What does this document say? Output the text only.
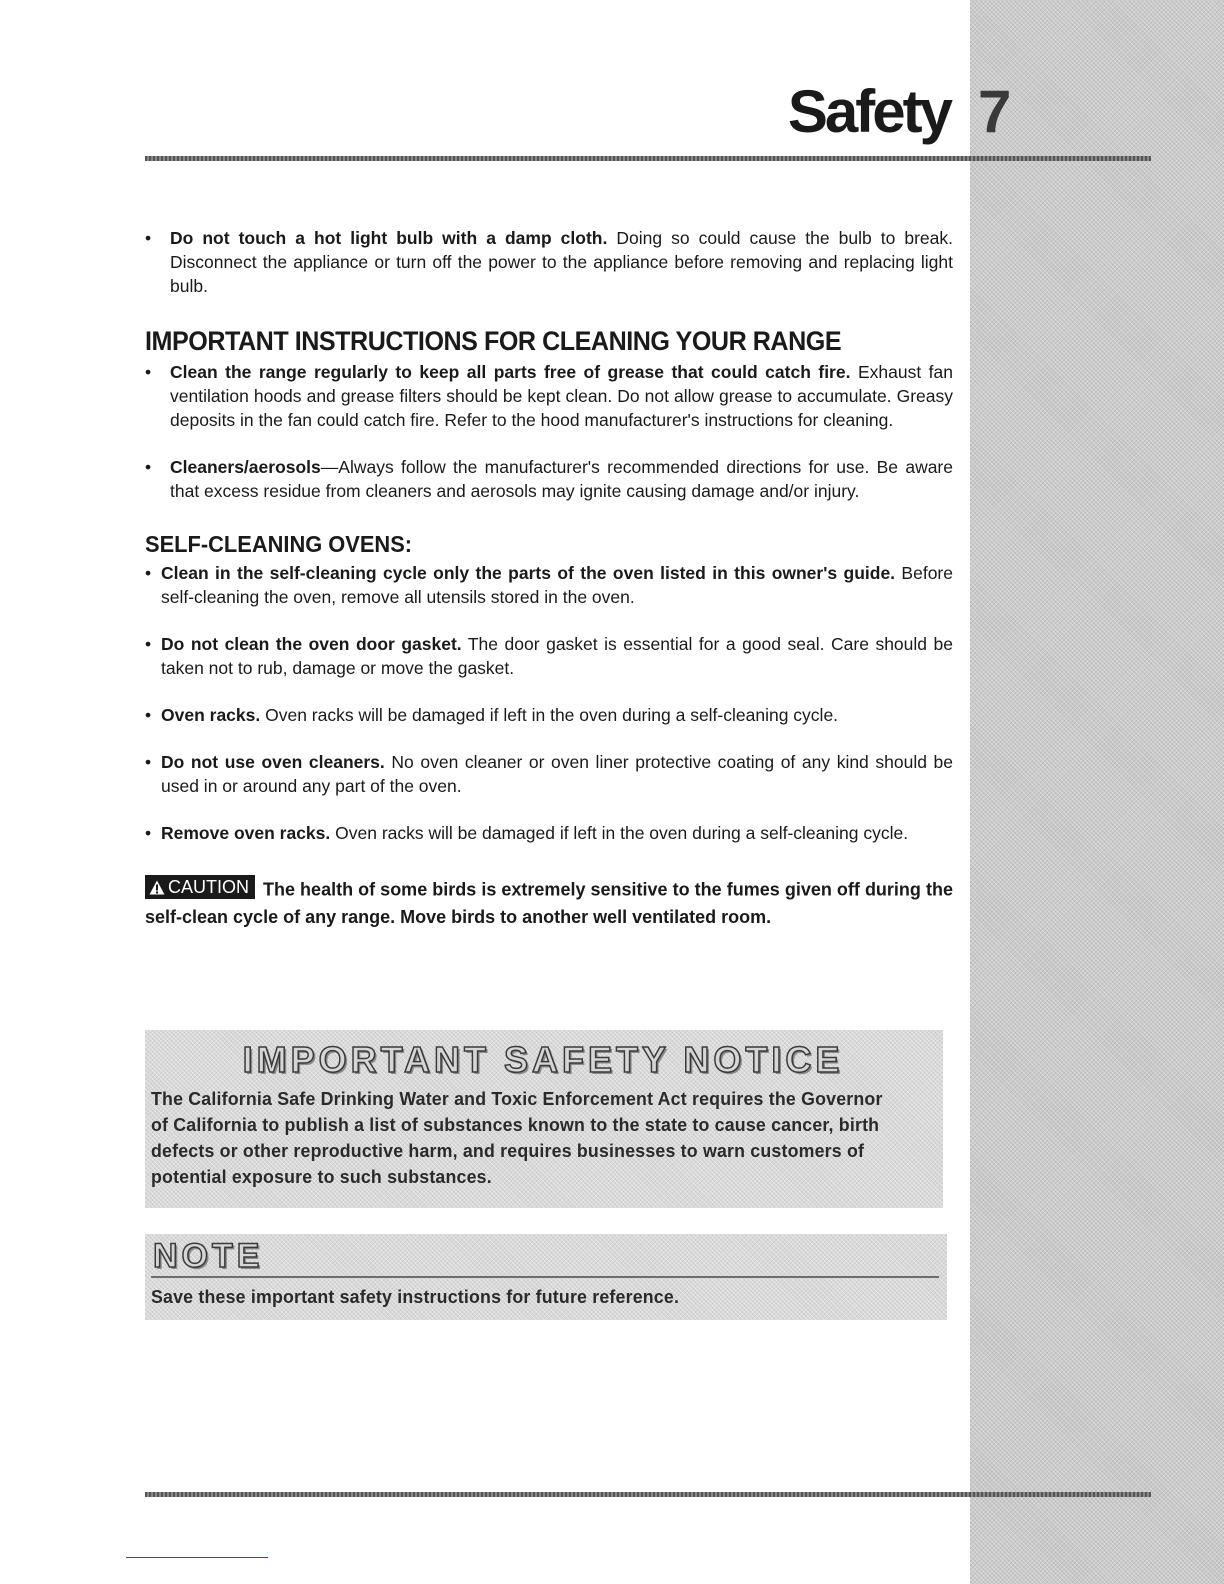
Safety 7
• Do not touch a hot light bulb with a damp cloth. Doing so could cause the bulb to break. Disconnect the appliance or turn off the power to the appliance before removing and replacing light bulb.
IMPORTANT INSTRUCTIONS FOR CLEANING YOUR RANGE
• Clean the range regularly to keep all parts free of grease that could catch fire. Exhaust fan ventilation hoods and grease filters should be kept clean. Do not allow grease to accumulate. Greasy deposits in the fan could catch fire. Refer to the hood manufacturer's instructions for cleaning.
• Cleaners/aerosols—Always follow the manufacturer's recommended directions for use. Be aware that excess residue from cleaners and aerosols may ignite causing damage and/or injury.
SELF-CLEANING OVENS:
• Clean in the self-cleaning cycle only the parts of the oven listed in this owner's guide. Before self-cleaning the oven, remove all utensils stored in the oven.
• Do not clean the oven door gasket. The door gasket is essential for a good seal. Care should be taken not to rub, damage or move the gasket.
• Oven racks. Oven racks will be damaged if left in the oven during a self-cleaning cycle.
• Do not use oven cleaners. No oven cleaner or oven liner protective coating of any kind should be used in or around any part of the oven.
• Remove oven racks. Oven racks will be damaged if left in the oven during a self-cleaning cycle.
CAUTION The health of some birds is extremely sensitive to the fumes given off during the self-clean cycle of any range. Move birds to another well ventilated room.
IMPORTANT SAFETY NOTICE
The California Safe Drinking Water and Toxic Enforcement Act requires the Governor of California to publish a list of substances known to the state to cause cancer, birth defects or other reproductive harm, and requires businesses to warn customers of potential exposure to such substances.
NOTE
Save these important safety instructions for future reference.
